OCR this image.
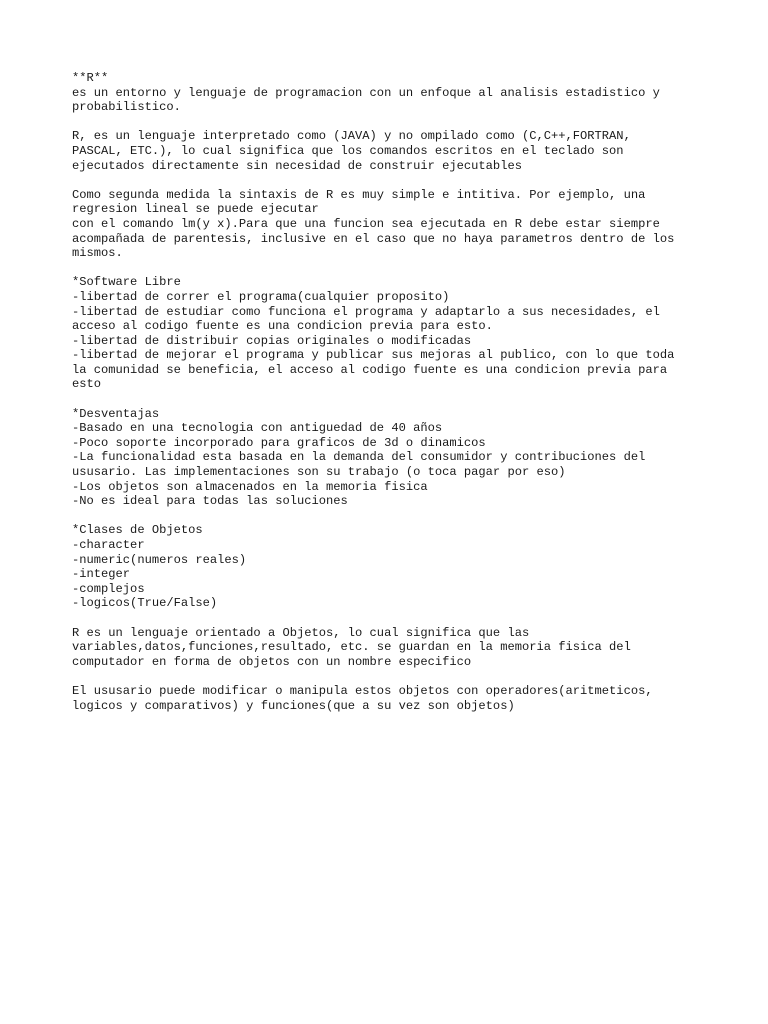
**R**
es un entorno y lenguaje de programacion con un enfoque al analisis estadistico y
probabilistico.
R, es un lenguaje interpretado como (JAVA) y no ompilado como (C,C++,FORTRAN,
PASCAL, ETC.), lo cual significa que los comandos escritos en el teclado son
ejecutados directamente sin necesidad de construir ejecutables
Como segunda medida la sintaxis de R es muy simple e intitiva. Por ejemplo, una
regresion lineal se puede ejecutar
con el comando lm(y x).Para que una funcion sea ejecutada en R debe estar siempre
acompañada de parentesis, inclusive en el caso que no haya parametros dentro de los
mismos.
*Software Libre
-libertad de correr el programa(cualquier proposito)
-libertad de estudiar como funciona el programa y adaptarlo a sus necesidades, el
acceso al codigo fuente es una condicion previa para esto.
-libertad de distribuir copias originales o modificadas
-libertad de mejorar el programa y publicar sus mejoras al publico, con lo que toda
la comunidad se beneficia, el acceso al codigo fuente es una condicion previa para
esto
*Desventajas
-Basado en una tecnologia con antiguedad de 40 años
-Poco soporte incorporado para graficos de 3d o dinamicos
-La funcionalidad esta basada en la demanda del consumidor y contribuciones del
ususario. Las implementaciones son su trabajo (o toca pagar por eso)
-Los objetos son almacenados en la memoria fisica
-No es ideal para todas las soluciones
*Clases de Objetos
-character
-numeric(numeros reales)
-integer
-complejos
-logicos(True/False)
R es un lenguaje orientado a Objetos, lo cual significa que las
variables,datos,funciones,resultado, etc. se guardan en la memoria fisica del
computador en forma de objetos con un nombre especifico
El ususario puede modificar o manipula estos objetos con operadores(aritmeticos,
logicos y comparativos) y funciones(que a su vez son objetos)
